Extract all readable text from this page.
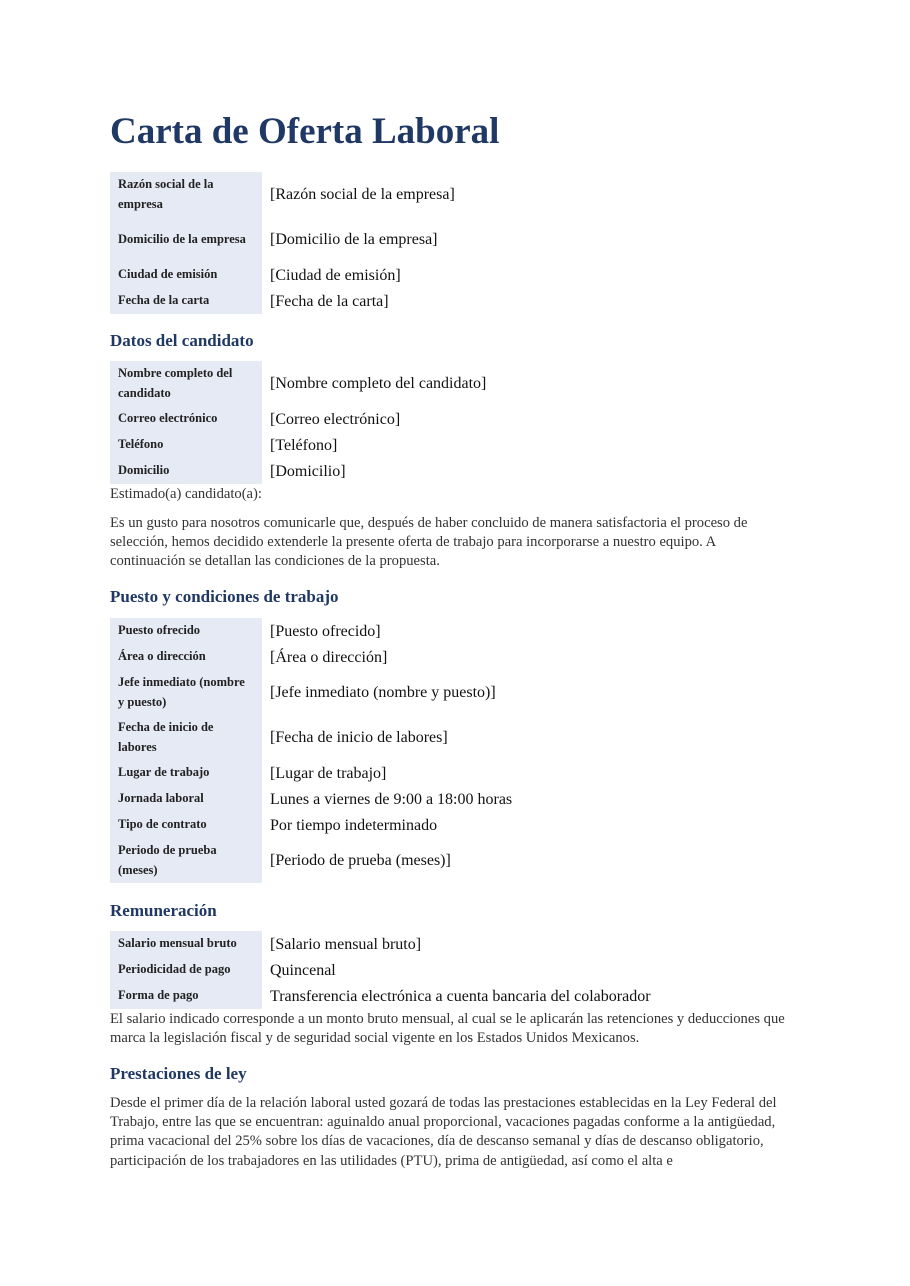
Carta de Oferta Laboral
Razón social de la empresa	[Razón social de la empresa]
Domicilio de la empresa	[Domicilio de la empresa]
Ciudad de emisión	[Ciudad de emisión]
Fecha de la carta	[Fecha de la carta]
Datos del candidato
Nombre completo del candidato	[Nombre completo del candidato]
Correo electrónico	[Correo electrónico]
Teléfono	[Teléfono]
Domicilio	[Domicilio]

Estimado(a) candidato(a):

Es un gusto para nosotros comunicarle que, después de haber concluido de manera satisfactoria el proceso de selección, hemos decidido extenderle la presente oferta de trabajo para incorporarse a nuestro equipo. A continuación se detallan las condiciones de la propuesta.

Puesto y condiciones de trabajo
Puesto ofrecido	[Puesto ofrecido]
Área o dirección	[Área o dirección]
Jefe inmediato (nombre y puesto)	[Jefe inmediato (nombre y puesto)]
Fecha de inicio de labores	[Fecha de inicio de labores]
Lugar de trabajo	[Lugar de trabajo]
Jornada laboral	Lunes a viernes de 9:00 a 18:00 horas
Tipo de contrato	Por tiempo indeterminado
Periodo de prueba (meses)	[Periodo de prueba (meses)]
Remuneración
Salario mensual bruto	[Salario mensual bruto]
Periodicidad de pago	Quincenal
Forma de pago	Transferencia electrónica a cuenta bancaria del colaborador

El salario indicado corresponde a un monto bruto mensual, al cual se le aplicarán las retenciones y deducciones que marca la legislación fiscal y de seguridad social vigente en los Estados Unidos Mexicanos.

Prestaciones de ley

Desde el primer día de la relación laboral usted gozará de todas las prestaciones establecidas en la Ley Federal del Trabajo, entre las que se encuentran: aguinaldo anual proporcional, vacaciones pagadas conforme a la antigüedad, prima vacacional del 25% sobre los días de vacaciones, día de descanso semanal y días de descanso obligatorio, participación de los trabajadores en las utilidades (PTU), prima de antigüedad, así como el alta e
